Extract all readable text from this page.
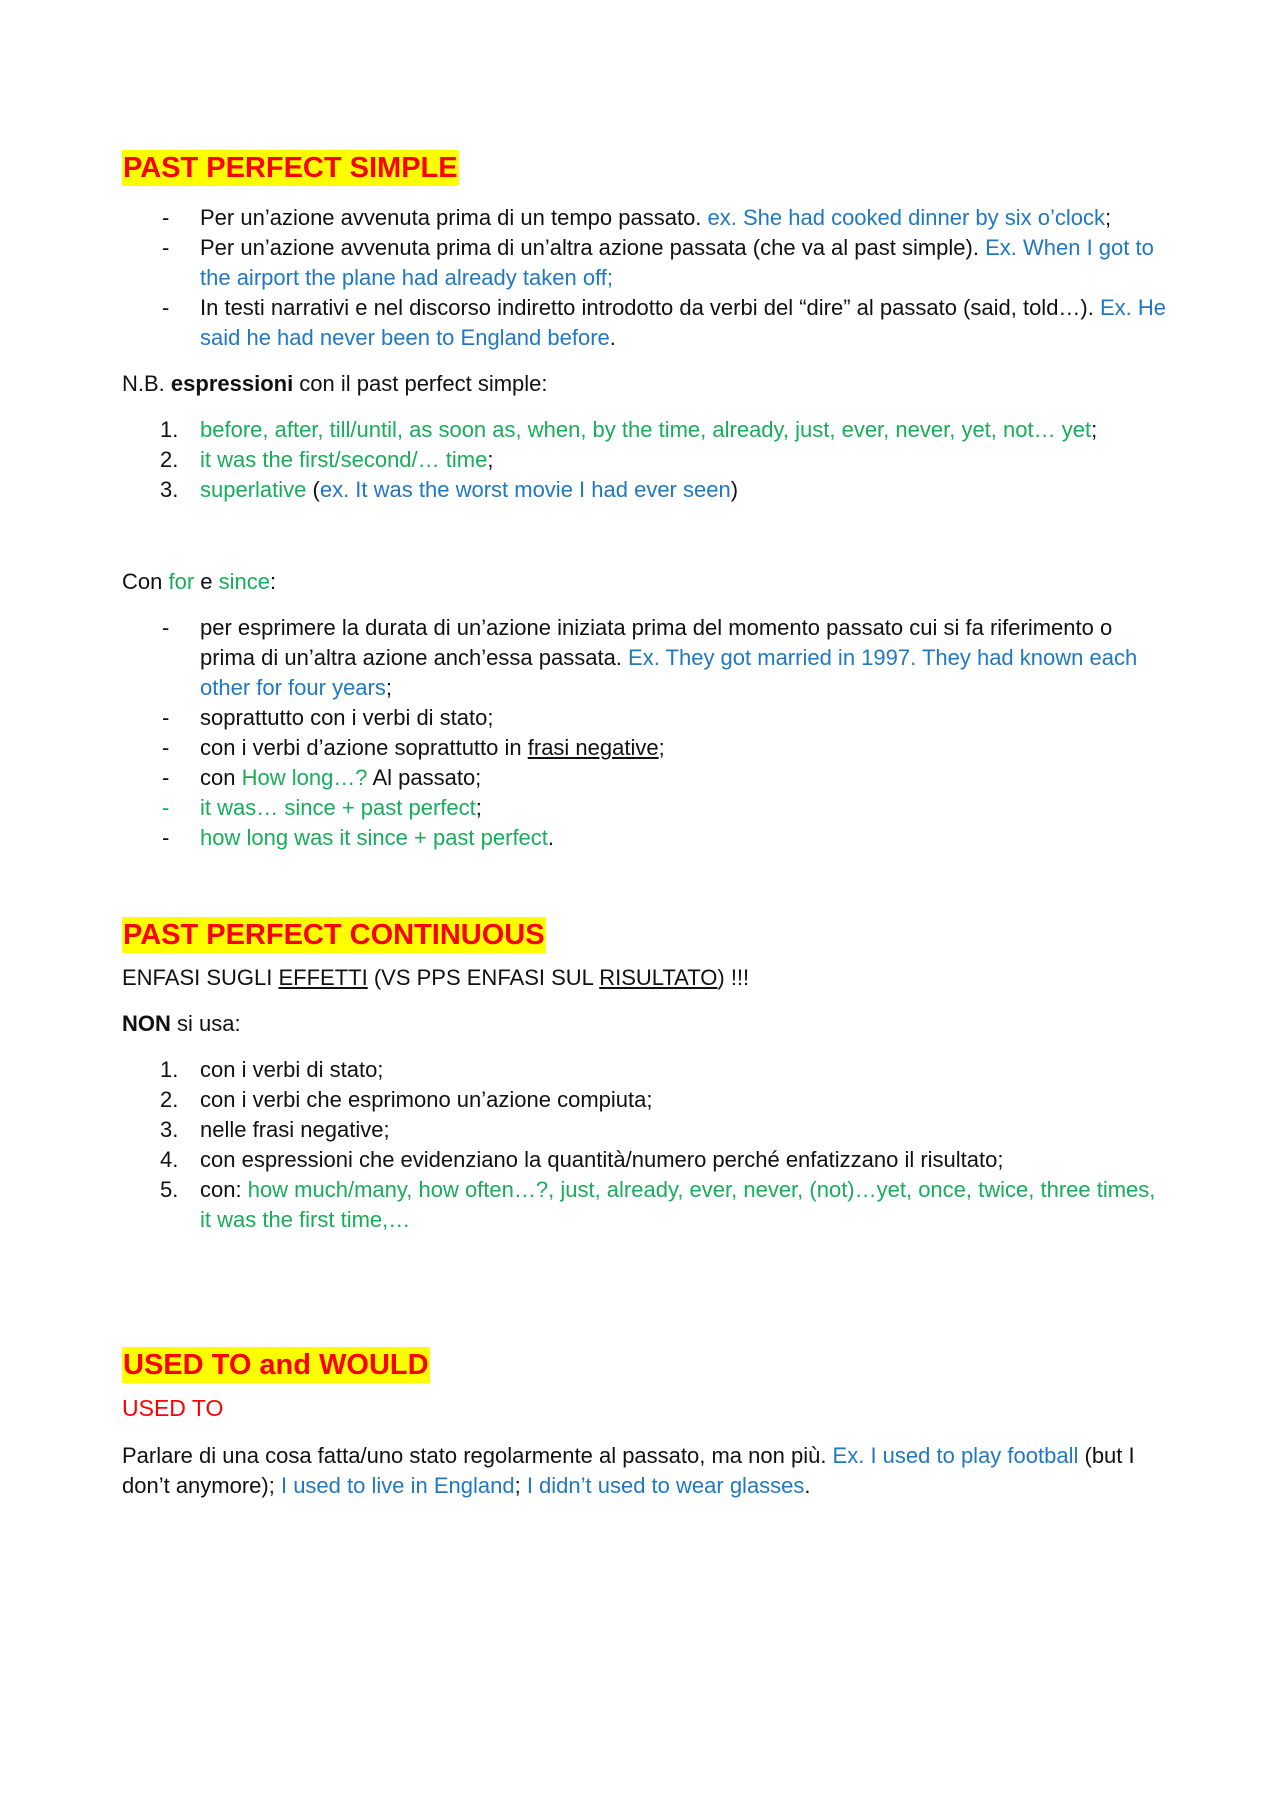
PAST PERFECT SIMPLE
- Per un’azione avvenuta prima di un tempo passato. ex. She had cooked dinner by six o’clock;
- Per un’azione avvenuta prima di un’altra azione passata (che va al past simple). Ex. When I got to the airport the plane had already taken off;
- In testi narrativi e nel discorso indiretto introdotto da verbi del “dire” al passato (said, told…). Ex. He said he had never been to England before.

N.B. espressioni con il past perfect simple:

1. before, after, till/until, as soon as, when, by the time, already, just, ever, never, yet, not… yet;
2. it was the first/second/… time;
3. superlative (ex. It was the worst movie I had ever seen)

Con for e since:

- per esprimere la durata di un’azione iniziata prima del momento passato cui si fa riferimento o prima di un’altra azione anch’essa passata. Ex. They got married in 1997. They had known each other for four years;
- soprattutto con i verbi di stato;
- con i verbi d’azione soprattutto in frasi negative;
- con How long…? Al passato;
- it was… since + past perfect;
- how long was it since + past perfect.
PAST PERFECT CONTINUOUS

ENFASI SUGLI EFFETTI (VS PPS ENFASI SUL RISULTATO) !!!

NON si usa:

1. con i verbi di stato;
2. con i verbi che esprimono un’azione compiuta;
3. nelle frasi negative;
4. con espressioni che evidenziano la quantità/numero perché enfatizzano il risultato;
5. con: how much/many, how often…?, just, already, ever, never, (not)…yet, once, twice, three times, it was the first time,…
USED TO and WOULD

USED TO

Parlare di una cosa fatta/uno stato regolarmente al passato, ma non più. Ex. I used to play football (but I don’t anymore); I used to live in England; I didn’t used to wear glasses.
